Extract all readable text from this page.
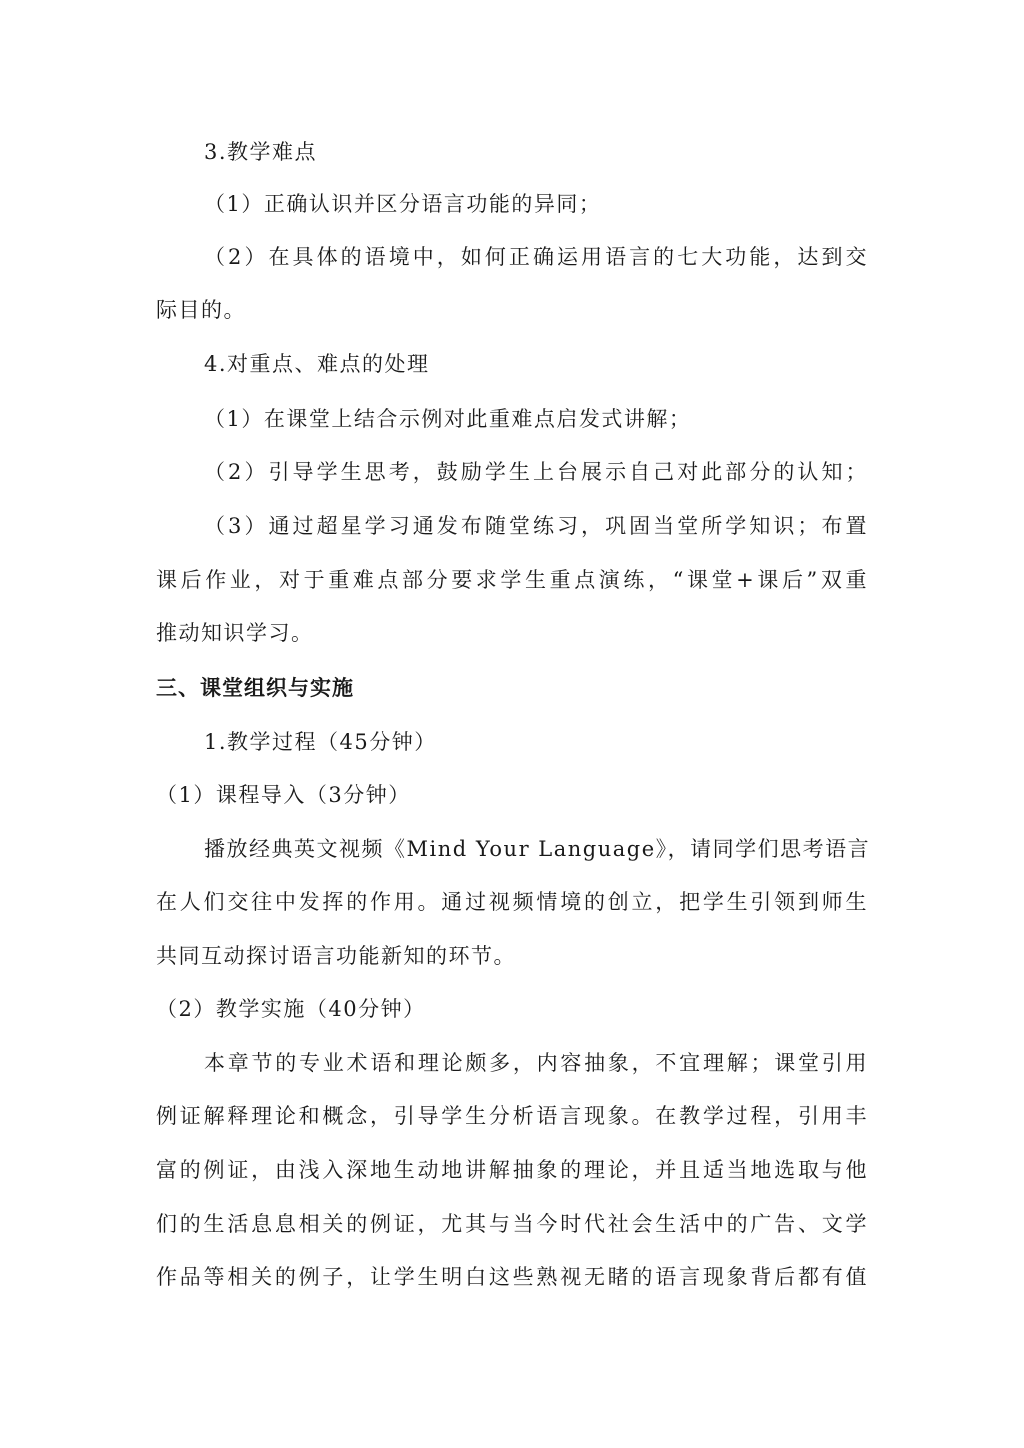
3.教学难点
（1）正确认识并区分语言功能的异同；
（2）在具体的语境中，如何正确运用语言的七大功能，达到交
际目的。
4.对重点、难点的处理
（1）在课堂上结合示例对此重难点启发式讲解；
（2）引导学生思考，鼓励学生上台展示自己对此部分的认知；
（3）通过超星学习通发布随堂练习，巩固当堂所学知识；布置
课后作业，对于重难点部分要求学生重点演练，“课堂+课后”双重
推动知识学习。
三、课堂组织与实施
1.教学过程（45分钟）
（1）课程导入（3分钟）
播放经典英文视频《Mind Your Language》，请同学们思考语言
在人们交往中发挥的作用。通过视频情境的创立，把学生引领到师生
共同互动探讨语言功能新知的环节。
（2）教学实施（40分钟）
本章节的专业术语和理论颇多，内容抽象，不宜理解；课堂引用
例证解释理论和概念，引导学生分析语言现象。在教学过程，引用丰
富的例证，由浅入深地生动地讲解抽象的理论，并且适当地选取与他
们的生活息息相关的例证，尤其与当今时代社会生活中的广告、文学
作品等相关的例子，让学生明白这些熟视无睹的语言现象背后都有值
